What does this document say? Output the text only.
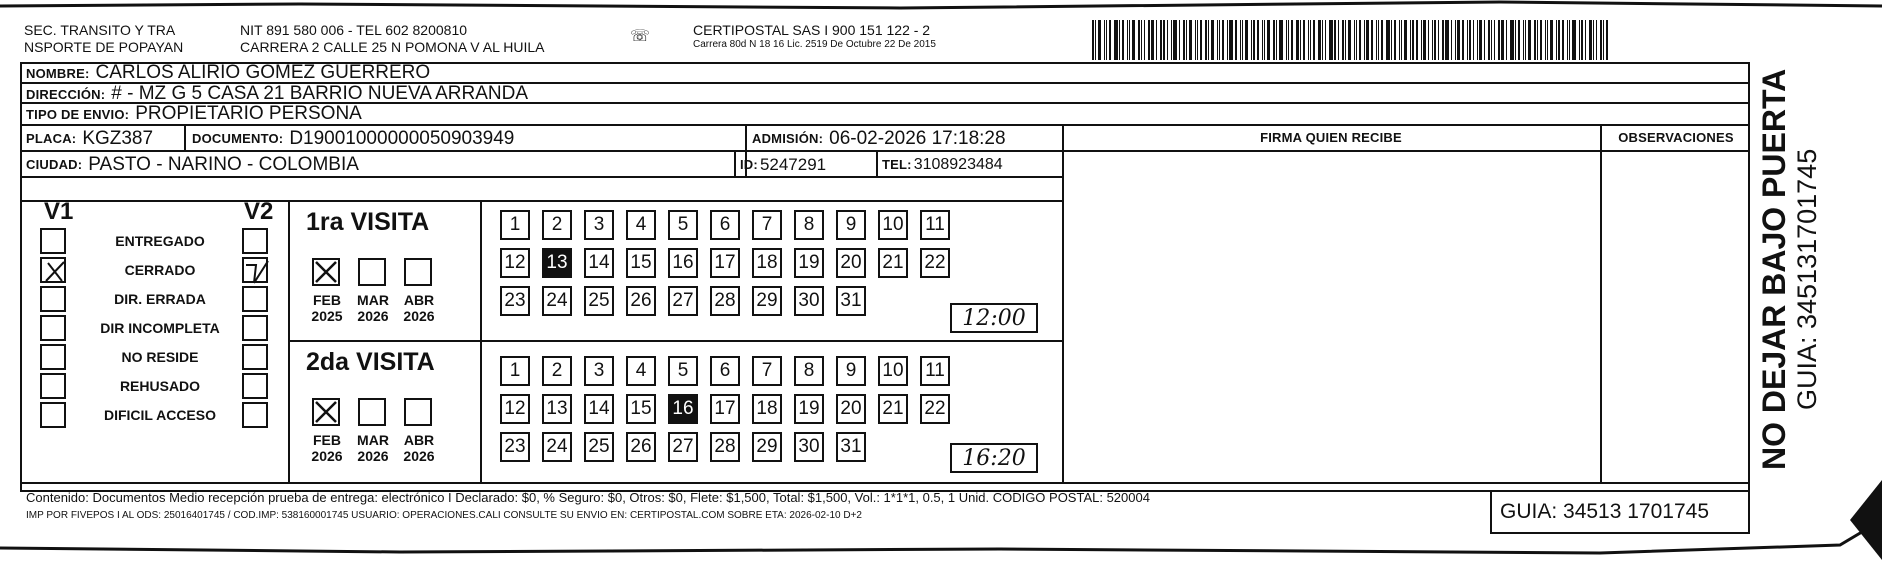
SEC. TRANSITO Y TRA
NSPORTE DE POPAYAN
NIT 891 580 006 - TEL 602 8200810
CARRERA 2 CALLE 25 N POMONA V AL HUILA
☏	CERTIPOSTAL SAS I 900 151 122 - 2
Carrera 80d N 18 16 Lic. 2519 De Octubre 22 De 2015
NOMBRE: CARLOS ALIRIO GOMEZ GUERRERO
DIRECCIÓN: # - MZ G 5 CASA 21 BARRIO NUEVA ARRANDA
TIPO DE ENVIO: PROPIETARIO PERSONA
PLACA: KGZ387	DOCUMENTO: D19001000000050903949	ADMISIÓN: 06-02-2026 17:18:28
CIUDAD: PASTO - NARINO - COLOMBIA	ID: 5247291	TEL: 3108923484
FIRMA QUIEN RECIBE	OBSERVACIONES
V1	V2
ENTREGADO
CERRADO
DIR. ERRADA
DIR INCOMPLETA
NO RESIDE
REHUSADO
DIFICIL ACCESO
1ra VISITA
2da VISITA
FEB
2025
MAR
2026
ABR
2026
FEB
2026
MAR
2026
ABR
2026
1	2	3	4	5	6	7	8	9	10 11
12 13 14 15 16 17 18 19 20 21 22
23 24 25 26 27 28 29 30 31
1	2	3	4	5	6	7	8	9	10 11
12 13 14 15 16 17 18 19 20 21 22
23 24 25 26 27 28 29 30 31
12:00
16:20
Contenido: Documentos Medio recepción prueba de entrega: electrónico I Declarado: $0, % Seguro: $0, Otros: $0, Flete: $1,500, Total: $1,500, Vol.: 1*1*1, 0.5, 1 Unid. CODIGO POSTAL: 520004
IMP POR FIVEPOS I AL ODS: 25016401745 / COD.IMP: 538160001745 USUARIO: OPERACIONES.CALI CONSULTE SU ENVIO EN: CERTIPOSTAL.COM SOBRE ETA: 2026-02-10 D+2	GUIA: 34513 1701745
NO DEJAR BAJO PUERTA GUIA: 345131701745
